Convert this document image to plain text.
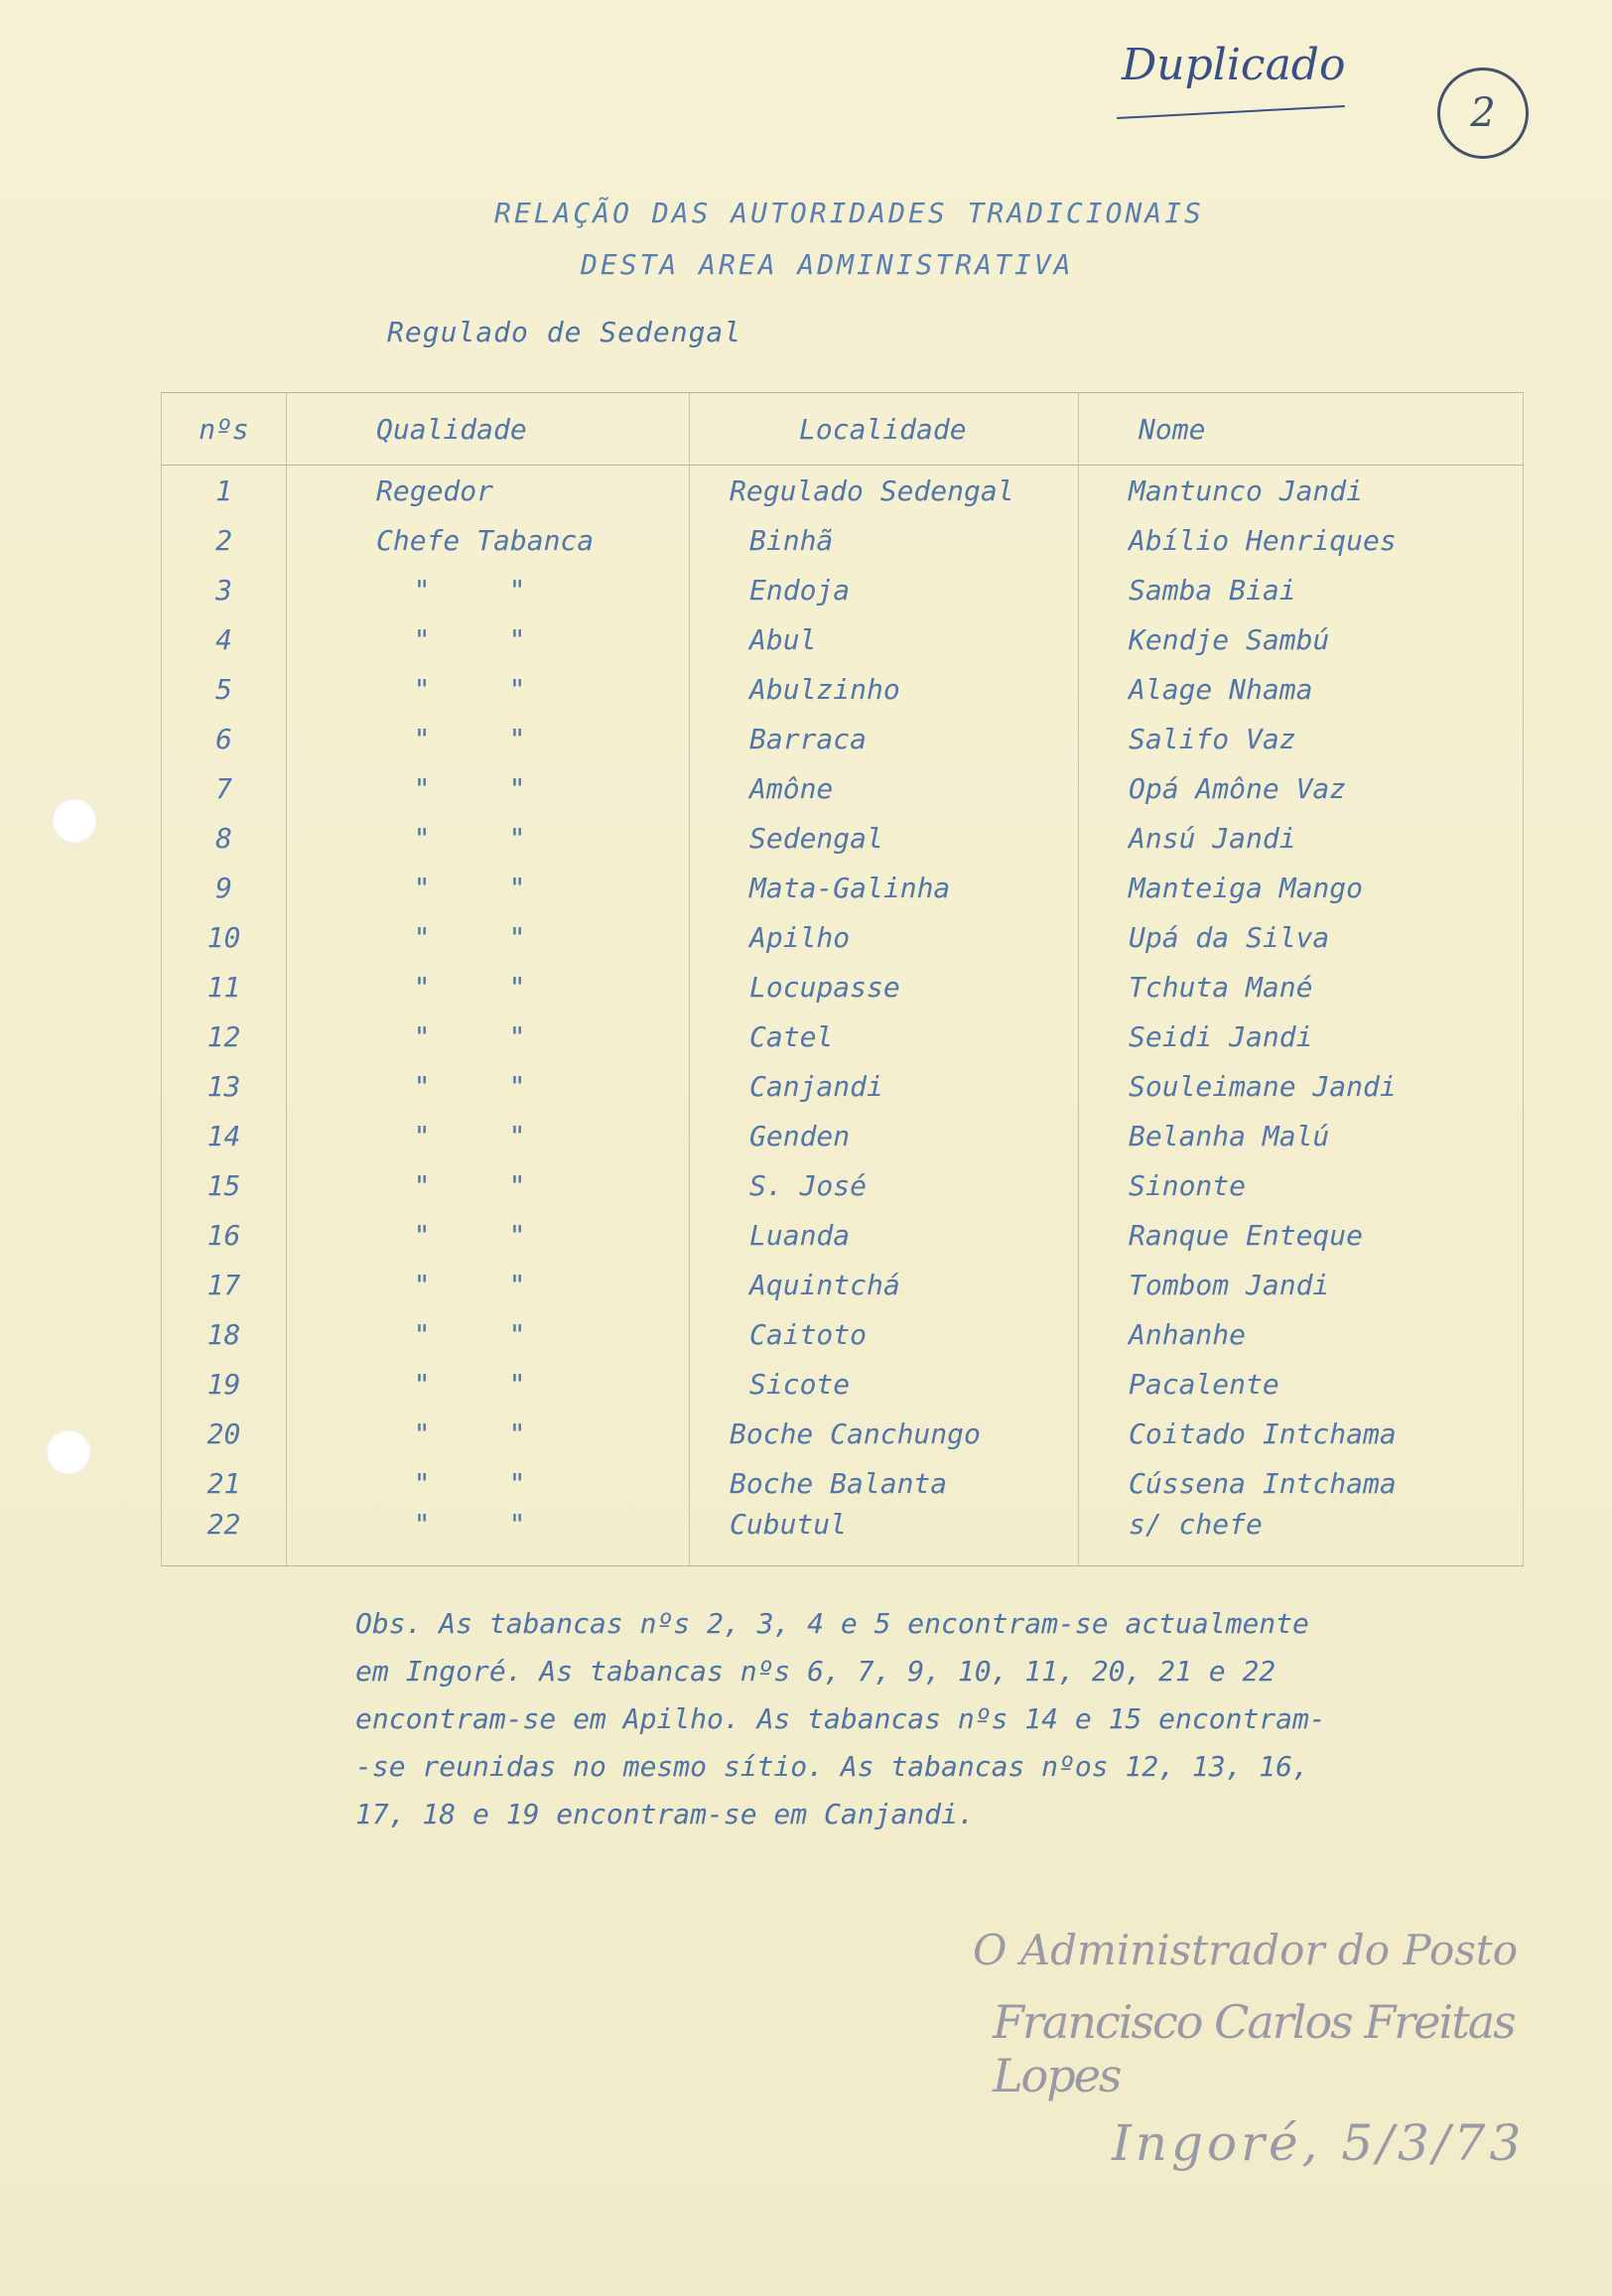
Duplicado
2
RELAÇÃO DAS AUTORIDADES TRADICIONAIS
DESTA AREA ADMINISTRATIVA
Regulado de Sedengal
nºs	Qualidade	Localidade	Nome
1	Regedor	Regulado Sedengal	Mantunco Jandi
2	Chefe Tabanca	Binhã	Abílio Henriques
3	" "	Endoja	Samba Biai
4	" "	Abul	Kendje Sambú
5	" "	Abulzinho	Alage Nhama
6	" "	Barraca	Salifo Vaz
7	" "	Amône	Opá Amône Vaz
8	" "	Sedengal	Ansú Jandi
9	" "	Mata-Galinha	Manteiga Mango
10	" "	Apilho	Upá da Silva
11	" "	Locupasse	Tchuta Mané
12	" "	Catel	Seidi Jandi
13	" "	Canjandi	Souleimane Jandi
14	" "	Genden	Belanha Malú
15	" "	S. José	Sinonte
16	" "	Luanda	Ranque Enteque
17	" "	Aquintchá	Tombom Jandi
18	" "	Caitoto	Anhanhe
19	" "	Sicote	Pacalente
20	" "	Boche Canchungo	Coitado Intchama
21	" "	Boche Balanta	Cússena Intchama
22	" "	Cubutul	s/ chefe
Obs. As tabancas nºs 2, 3, 4 e 5 encontram-se actualmente
em Ingoré. As tabancas nºs 6, 7, 9, 10, 11, 20, 21 e 22
encontram-se em Apilho. As tabancas nºs 14 e 15 encontram-
-se reunidas no mesmo sítio. As tabancas nºos 12, 13, 16,
17, 18 e 19 encontram-se em Canjandi.
O Administrador do Posto
Francisco Carlos Freitas Lopes
Ingoré, 5/3/73
